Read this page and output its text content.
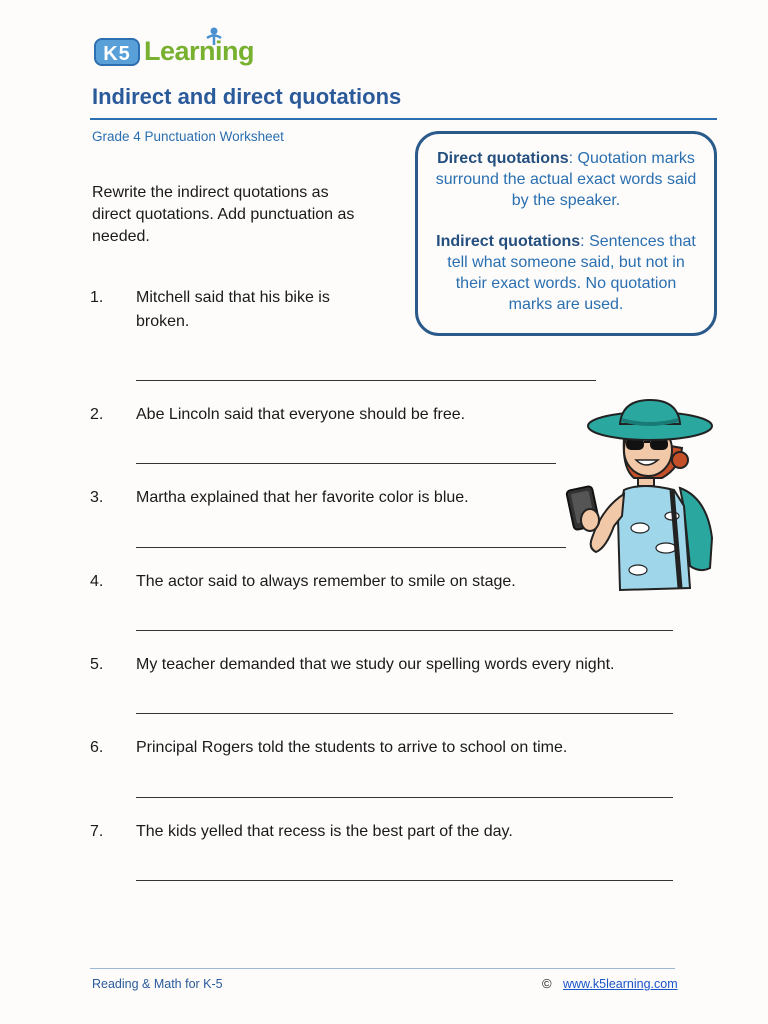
K5 Learning
Indirect and direct quotations
Grade 4 Punctuation Worksheet
Rewrite the indirect quotations as direct quotations. Add punctuation as needed.

Direct quotations: Quotation marks surround the actual exact words said by the speaker.

Indirect quotations: Sentences that tell what someone said, but not in their exact words. No quotation marks are used.

1. Mitchell said that his bike is
broken.
2. Abe Lincoln said that everyone should be free.
3. Martha explained that her favorite color is blue.
4. The actor said to always remember to smile on stage.
5. My teacher demanded that we study our spelling words every night.
6. Principal Rogers told the students to arrive to school on time.
7. The kids yelled that recess is the best part of the day.
Reading & Math for K-5	© www.k5learning.com
